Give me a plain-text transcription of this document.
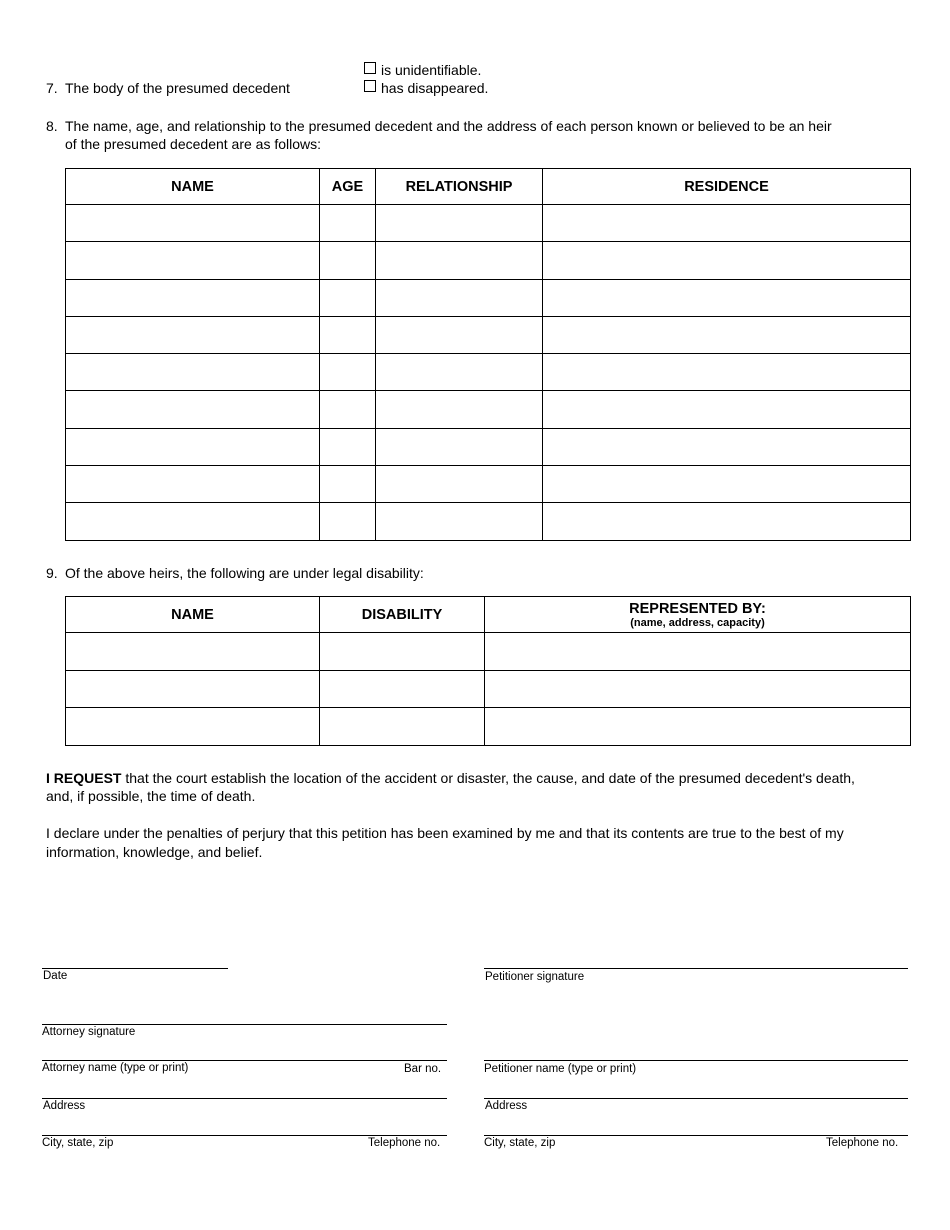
is unidentifiable.
has disappeared.
7. The body of the presumed decedent
8. The name, age, and relationship to the presumed decedent and the address of each person known or believed to be an heir
of the presumed decedent are as follows:
NAME	AGE	RELATIONSHIP	RESIDENCE

9. Of the above heirs, the following are under legal disability:
NAME	DISABILITY	REPRESENTED BY:
(name, address, capacity)

I REQUEST that the court establish the location of the accident or disaster, the cause, and date of the presumed decedent's death,
and, if possible, the time of death.
I declare under the penalties of perjury that this petition has been examined by me and that its contents are true to the best of my
information, knowledge, and belief.
Date
Attorney signature
Attorney name (type or print)	Bar no.
Address
City, state, zip	Telephone no.
Petitioner signature
Petitioner name (type or print)
Address
City, state, zip	Telephone no.
